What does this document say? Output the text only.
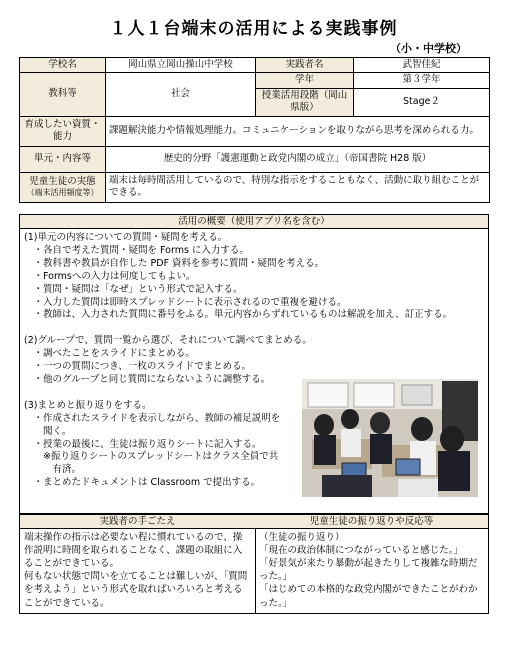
１人１台端末の活用による実践事例
（小・中学校）
学校名	岡山県立岡山操山中学校	実践者名	武智佳紀
教科等	社会	学年	第３学年
		授業活用段階（岡山県版）	Stage２
育成したい資質・能力	課題解決能力や情報処理能力。コミュニケーションを取りながら思考を深められる力。		
単元・内容等	歴史的分野「護憲運動と政党内閣の成立」（帝国書院 H28 版）		

児童生徒の実態
（端末活用頻度等）	端末は毎時間活用しているので、特別な指示をすることもなく、活動に取り組むことができる。		
活用の概要（使用アプリ名を含む）

(1)単元の内容についての質問・疑問を考える。

　・各自で考えた質問・疑問を Forms に入力する。

　・教科書や教員が自作した PDF 資料を参考に質問・疑問を考える。

　・Formsへの入力は何度してもよい。

　・質問・疑問は「なぜ」という形式で記入する。

　・入力した質問は即時スプレッドシートに表示されるので重複を避ける。

　・教師は、入力された質問に番号をふる。単元内容からずれているものは解説を加え、訂正する。

(2)グループで、質問一覧から選び、それについて調べてまとめる。

　・調べたことをスライドにまとめる。

　・一つの質問につき、一枚のスライドでまとめる。

　・他のグループと同じ質問にならないように調整する。

(3)まとめと振り返りをする。

　・作成されたスライドを表示しながら、教師の補足説明を

　　聞く。

　・授業の最後に、生徒は振り返りシートに記入する。

　　※振り返りシートのスプレッドシートはクラス全員で共

　　　有済。

　・まとめたドキュメントは Classroom で提出する。

実践者の手ごたえ

端末操作の指示は必要ない程に慣れているので、操作説明に時間を取られることなく、課題の取組に入ることができている。

何もない状態で問いを立てることは難しいが、「質問を考えよう」という形式を取ればいろいろと考えることができている。

児童生徒の振り返りや反応等

（生徒の振り返り）

「現在の政治体制につながっていると感じた。」

「好景気が来たり暴動が起きたりして複雑な時期だった。」

「はじめての本格的な政党内閣ができたことがわかった。」
